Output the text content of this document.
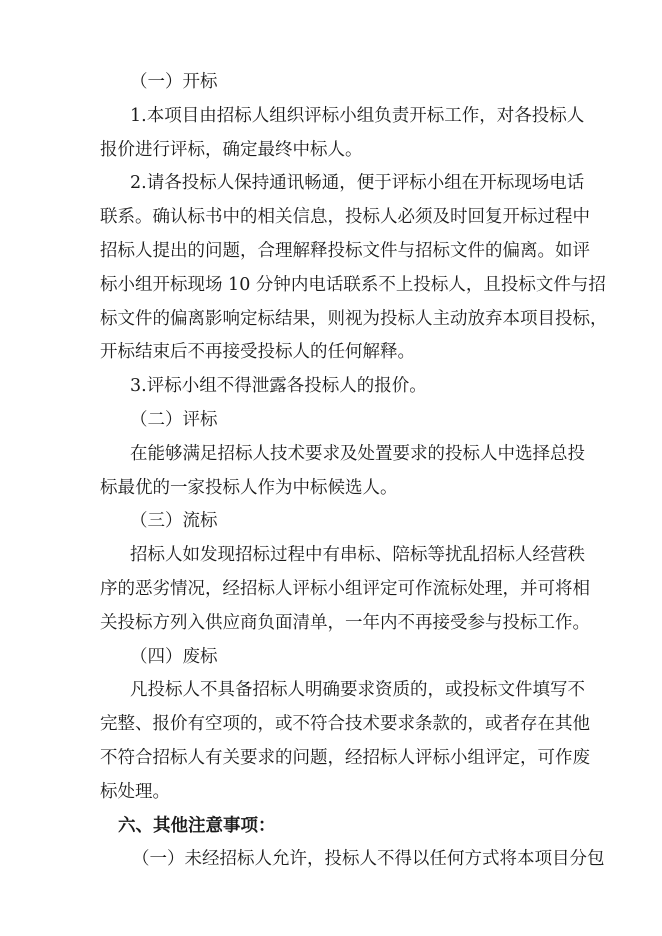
（一）开标
1.本项目由招标人组织评标小组负责开标工作，对各投标人
报价进行评标，确定最终中标人。
2.请各投标人保持通讯畅通，便于评标小组在开标现场电话
联系。确认标书中的相关信息，投标人必须及时回复开标过程中
招标人提出的问题，合理解释投标文件与招标文件的偏离。如评
标小组开标现场 10 分钟内电话联系不上投标人，且投标文件与招
标文件的偏离影响定标结果，则视为投标人主动放弃本项目投标，
开标结束后不再接受投标人的任何解释。
3.评标小组不得泄露各投标人的报价。
（二）评标
在能够满足招标人技术要求及处置要求的投标人中选择总投
标最优的一家投标人作为中标候选人。
（三）流标
招标人如发现招标过程中有串标、陪标等扰乱招标人经营秩
序的恶劣情况，经招标人评标小组评定可作流标处理，并可将相
关投标方列入供应商负面清单，一年内不再接受参与投标工作。
（四）废标
凡投标人不具备招标人明确要求资质的，或投标文件填写不
完整、报价有空项的，或不符合技术要求条款的，或者存在其他
不符合招标人有关要求的问题，经招标人评标小组评定，可作废
标处理。
六、其他注意事项：
（一）未经招标人允许，投标人不得以任何方式将本项目分包
